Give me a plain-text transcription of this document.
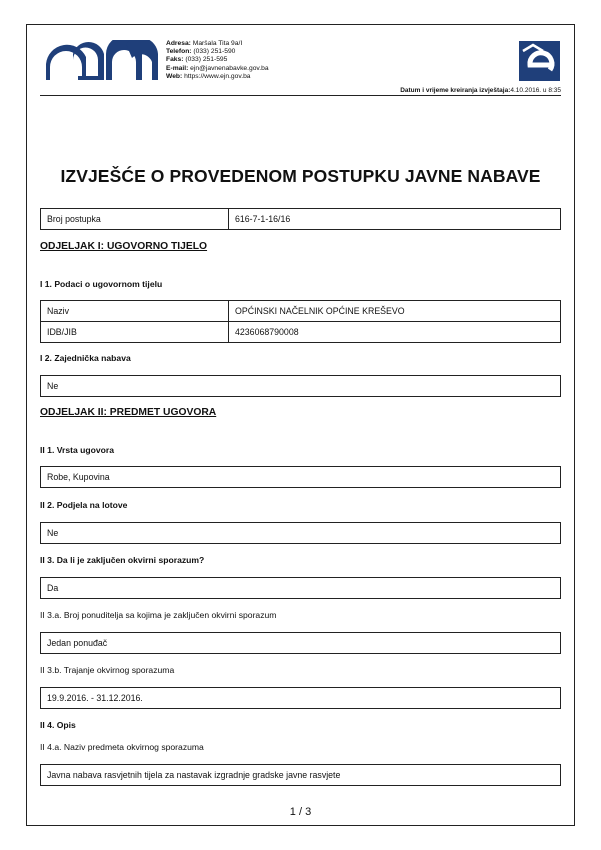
Adresa: Maršala Tita 9a/I
Telefon: (033) 251-590
Faks: (033) 251-595
E-mail: ejn@javnenabavke.gov.ba
Web: https://www.ejn.gov.ba
Datum i vrijeme kreiranja izvještaja:4.10.2016. u 8:35
IZVJEŠĆE O PROVEDENOM POSTUPKU JAVNE NABAVE
Broj postupka	616-7-1-16/16
ODJELJAK I: UGOVORNO TIJELO
I 1. Podaci o ugovornom tijelu
Naziv	OPĆINSKI NAČELNIK OPĆINE KREŠEVO
IDB/JIB	4236068790008
I 2. Zajednička nabava
Ne
ODJELJAK II: PREDMET UGOVORA
II 1. Vrsta ugovora
Robe, Kupovina
II 2. Podjela na lotove
Ne
II 3. Da li je zaključen okvirni sporazum?
Da
II 3.a. Broj ponuditelja sa kojima je zaključen okvirni sporazum
Jedan ponuđač
II 3.b. Trajanje okvirnog sporazuma
19.9.2016. - 31.12.2016.
II 4. Opis
II 4.a. Naziv predmeta okvirnog sporazuma
Javna nabava rasvjetnih tijela za nastavak izgradnje gradske javne rasvjete
1 / 3
